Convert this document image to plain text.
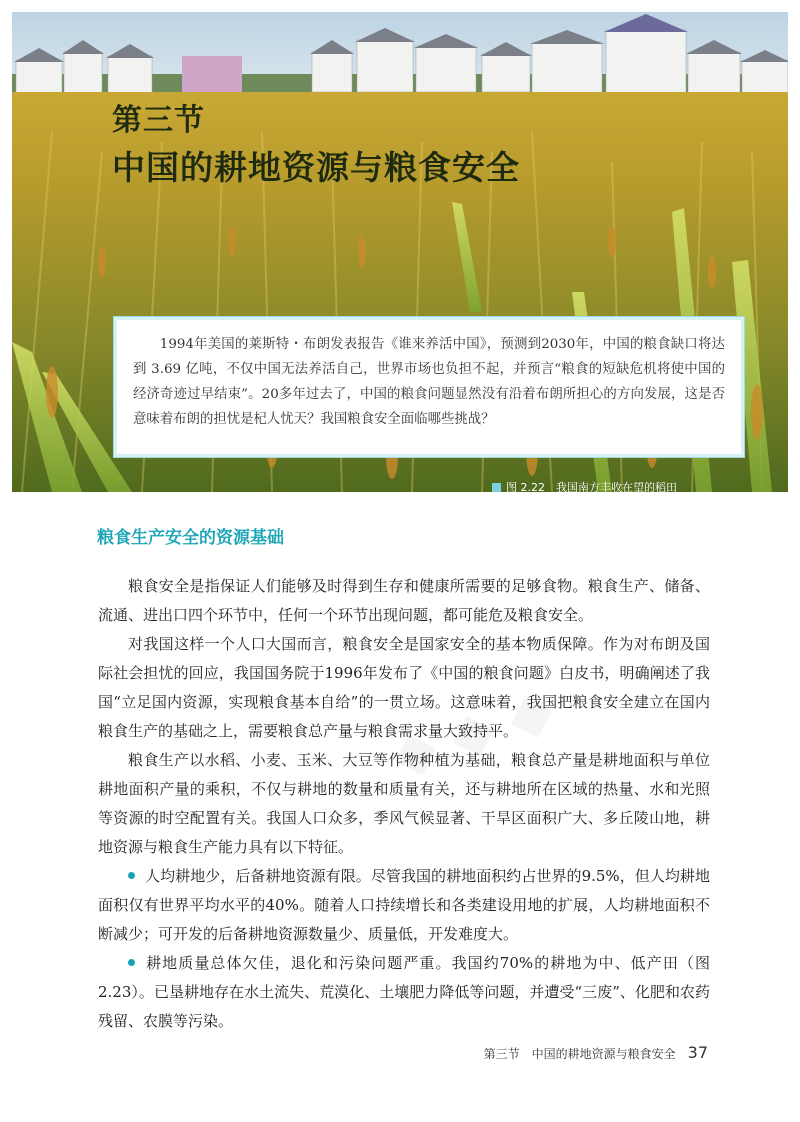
第三节
中国的耕地资源与粮食安全

1994年美国的莱斯特・布朗发表报告《谁来养活中国》，预测到2030年，中国的粮食缺口将达到 3.69 亿吨，不仅中国无法养活自己，世界市场也负担不起，并预言“粮食的短缺危机将使中国的经济奇迹过早结束”。20多年过去了，中国的粮食问题显然没有沿着布朗所担心的方向发展，这是否意味着布朗的担忧是杞人忧天？我国粮食安全面临哪些挑战？

图 2.22　我国南方丰收在望的稻田
粮食生产安全的资源基础

粮食安全是指保证人们能够及时得到生存和健康所需要的足够食物。粮食生产、储备、流通、进出口四个环节中，任何一个环节出现问题，都可能危及粮食安全。

对我国这样一个人口大国而言，粮食安全是国家安全的基本物质保障。作为对布朗及国际社会担忧的回应，我国国务院于1996年发布了《中国的粮食问题》白皮书，明确阐述了我国“立足国内资源，实现粮食基本自给”的一贯立场。这意味着，我国把粮食安全建立在国内粮食生产的基础之上，需要粮食总产量与粮食需求量大致持平。

粮食生产以水稻、小麦、玉米、大豆等作物种植为基础，粮食总产量是耕地面积与单位耕地面积产量的乘积，不仅与耕地的数量和质量有关，还与耕地所在区域的热量、水和光照等资源的时空配置有关。我国人口众多，季风气候显著、干旱区面积广大、多丘陵山地，耕地资源与粮食生产能力具有以下特征。

人均耕地少，后备耕地资源有限。尽管我国的耕地面积约占世界的9.5%，但人均耕地面积仅有世界平均水平的40%。随着人口持续增长和各类建设用地的扩展，人均耕地面积不断减少；可开发的后备耕地资源数量少、质量低，开发难度大。

耕地质量总体欠佳，退化和污染问题严重。我国约70%的耕地为中、低产田（图2.23）。已垦耕地存在水土流失、荒漠化、土壤肥力降低等问题，并遭受“三废”、化肥和农药残留、农膜等污染。

第三节　中国的耕地资源与粮食安全 37
